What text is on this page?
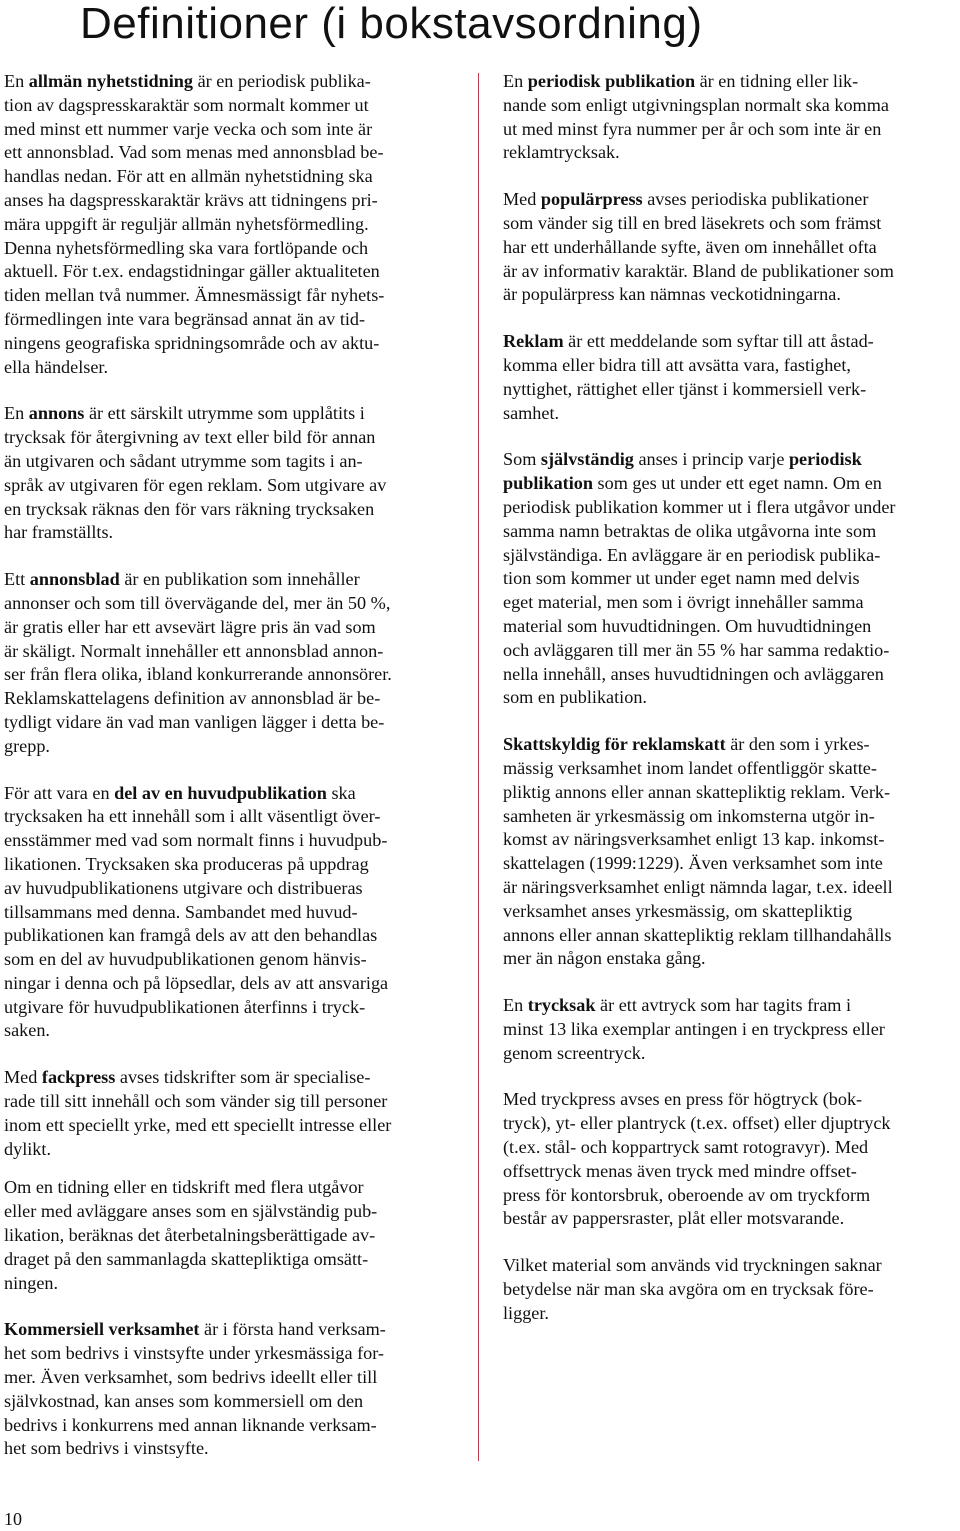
Definitioner (i bokstavsordning)

En allmän nyhetstidning är en periodisk publika-
tion av dagspresskaraktär som normalt kommer ut
med minst ett nummer varje vecka och som inte är
ett annonsblad. Vad som menas med annonsblad be-
handlas nedan. För att en allmän nyhetstidning ska
anses ha dagspresskaraktär krävs att tidningens pri-
mära uppgift är reguljär allmän nyhetsförmedling.
Denna nyhetsförmedling ska vara fortlöpande och
aktuell. För t.ex. endagstidningar gäller aktualiteten
tiden mellan två nummer. Ämnesmässigt får nyhets-
förmedlingen inte vara begränsad annat än av tid-
ningens geografiska spridningsområde och av aktu-
ella händelser.

En annons är ett särskilt utrymme som upplåtits i
trycksak för återgivning av text eller bild för annan
än utgivaren och sådant utrymme som tagits i an-
språk av utgivaren för egen reklam. Som utgivare av
en trycksak räknas den för vars räkning trycksaken
har framställts.

Ett annonsblad är en publikation som innehåller
annonser och som till övervägande del, mer än 50 %,
är gratis eller har ett avsevärt lägre pris än vad som
är skäligt. Normalt innehåller ett annonsblad annon-
ser från flera olika, ibland konkurrerande annonsörer.
Reklamskattelagens definition av annonsblad är be-
tydligt vidare än vad man vanligen lägger i detta be-
grepp.

För att vara en del av en huvudpublikation ska
trycksaken ha ett innehåll som i allt väsentligt över-
ensstämmer med vad som normalt finns i huvudpub-
likationen. Trycksaken ska produceras på uppdrag
av huvudpublikationens utgivare och distribueras
tillsammans med denna. Sambandet med huvud-
publikationen kan framgå dels av att den behandlas
som en del av huvudpublikationen genom hänvis-
ningar i denna och på löpsedlar, dels av att ansvariga
utgivare för huvudpublikationen återfinns i tryck-
saken.

Med fackpress avses tidskrifter som är specialise-
rade till sitt innehåll och som vänder sig till personer
inom ett speciellt yrke, med ett speciellt intresse eller
dylikt.

Om en tidning eller en tidskrift med flera utgåvor
eller med avläggare anses som en självständig pub-
likation, beräknas det återbetalningsberättigade av-
draget på den sammanlagda skattepliktiga omsätt-
ningen.

Kommersiell verksamhet är i första hand verksam-
het som bedrivs i vinstsyfte under yrkesmässiga for-
mer. Även verksamhet, som bedrivs ideellt eller till
självkostnad, kan anses som kommersiell om den
bedrivs i konkurrens med annan liknande verksam-
het som bedrivs i vinstsyfte.

En periodisk publikation är en tidning eller lik-
nande som enligt utgivningsplan normalt ska komma
ut med minst fyra nummer per år och som inte är en
reklamtrycksak.

Med populärpress avses periodiska publikationer
som vänder sig till en bred läsekrets och som främst
har ett underhållande syfte, även om innehållet ofta
är av informativ karaktär. Bland de publikationer som
är populärpress kan nämnas veckotidningarna.

Reklam är ett meddelande som syftar till att åstad-
komma eller bidra till att avsätta vara, fastighet,
nyttighet, rättighet eller tjänst i kommersiell verk-
samhet.

Som självständig anses i princip varje periodisk
publikation som ges ut under ett eget namn. Om en
periodisk publikation kommer ut i flera utgåvor under
samma namn betraktas de olika utgåvorna inte som
självständiga. En avläggare är en periodisk publika-
tion som kommer ut under eget namn med delvis
eget material, men som i övrigt innehåller samma
material som huvudtidningen. Om huvudtidningen
och avläggaren till mer än 55 % har samma redaktio-
nella innehåll, anses huvudtidningen och avläggaren
som en publikation.

Skattskyldig för reklamskatt är den som i yrkes-
mässig verksamhet inom landet offentliggör skatte-
pliktig annons eller annan skattepliktig reklam. Verk-
samheten är yrkesmässig om inkomsterna utgör in-
komst av näringsverksamhet enligt 13 kap. inkomst-
skattelagen (1999:1229). Även verksamhet som inte
är näringsverksamhet enligt nämnda lagar, t.ex. ideell
verksamhet anses yrkesmässig, om skattepliktig
annons eller annan skattepliktig reklam tillhandahålls
mer än någon enstaka gång.

En trycksak är ett avtryck som har tagits fram i
minst 13 lika exemplar antingen i en tryckpress eller
genom screentryck.

Med tryckpress avses en press för högtryck (bok-
tryck), yt- eller plantryck (t.ex. offset) eller djuptryck
(t.ex. stål- och koppartryck samt rotogravyr). Med
offsettryck menas även tryck med mindre offset-
press för kontorsbruk, oberoende av om tryckform
består av pappersraster, plåt eller motsvarande.

Vilket material som används vid tryckningen saknar
betydelse när man ska avgöra om en trycksak före-
ligger.

10
